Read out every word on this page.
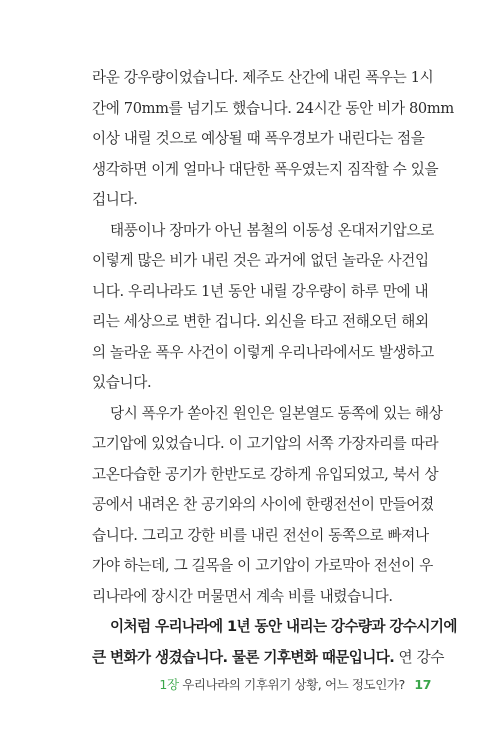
라운 강우량이었습니다. 제주도 산간에 내린 폭우는 1시
간에 70mm를 넘기도 했습니다. 24시간 동안 비가 80mm
이상 내릴 것으로 예상될 때 폭우경보가 내린다는 점을
생각하면 이게 얼마나 대단한 폭우였는지 짐작할 수 있을
겁니다.
태풍이나 장마가 아닌 봄철의 이동성 온대저기압으로
이렇게 많은 비가 내린 것은 과거에 없던 놀라운 사건입
니다. 우리나라도 1년 동안 내릴 강우량이 하루 만에 내
리는 세상으로 변한 겁니다. 외신을 타고 전해오던 해외
의 놀라운 폭우 사건이 이렇게 우리나라에서도 발생하고
있습니다.
당시 폭우가 쏟아진 원인은 일본열도 동쪽에 있는 해상
고기압에 있었습니다. 이 고기압의 서쪽 가장자리를 따라
고온다습한 공기가 한반도로 강하게 유입되었고, 북서 상
공에서 내려온 찬 공기와의 사이에 한랭전선이 만들어졌
습니다. 그리고 강한 비를 내린 전선이 동쪽으로 빠져나
가야 하는데, 그 길목을 이 고기압이 가로막아 전선이 우
리나라에 장시간 머물면서 계속 비를 내렸습니다.
이처럼 우리나라에 1년 동안 내리는 강수량과 강수시기에
큰 변화가 생겼습니다. 물론 기후변화 때문입니다. 연 강수
1장 우리나라의 기후위기 상황, 어느 정도인가? 17
